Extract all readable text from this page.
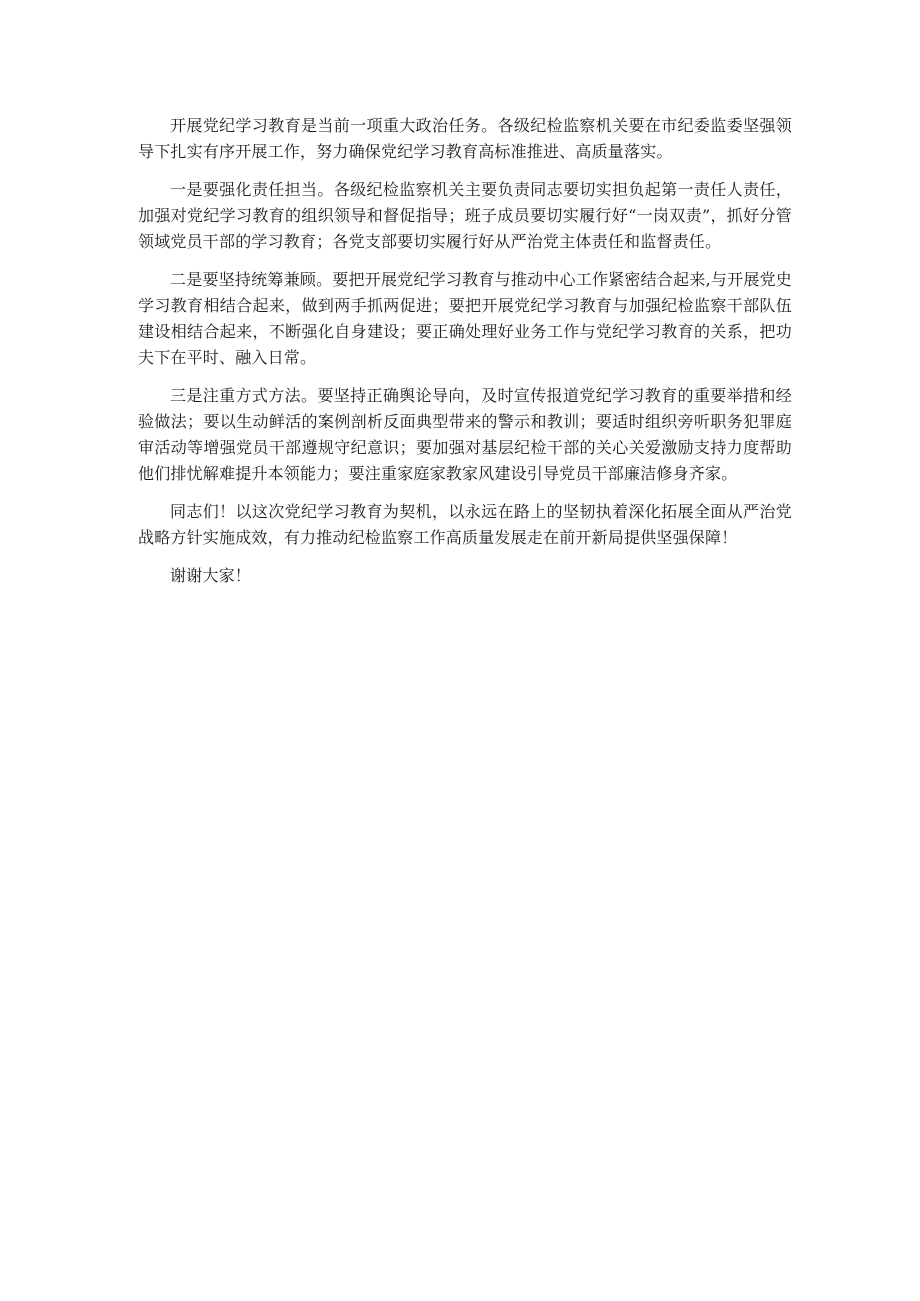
开展党纪学习教育是当前一项重大政治任务。各级纪检监察机关要在市纪委监委坚强领导下扎实有序开展工作，努力确保党纪学习教育高标准推进、高质量落实。

一是要强化责任担当。各级纪检监察机关主要负责同志要切实担负起第一责任人责任，加强对党纪学习教育的组织领导和督促指导；班子成员要切实履行好“一岗双责”，抓好分管领域党员干部的学习教育；各党支部要切实履行好从严治党主体责任和监督责任。

二是要坚持统筹兼顾。要把开展党纪学习教育与推动中心工作紧密结合起来,与开展党史学习教育相结合起来，做到两手抓两促进；要把开展党纪学习教育与加强纪检监察干部队伍建设相结合起来，不断强化自身建设；要正确处理好业务工作与党纪学习教育的关系，把功夫下在平时、融入日常。

三是注重方式方法。要坚持正确舆论导向，及时宣传报道党纪学习教育的重要举措和经验做法；要以生动鲜活的案例剖析反面典型带来的警示和教训；要适时组织旁听职务犯罪庭审活动等增强党员干部遵规守纪意识；要加强对基层纪检干部的关心关爱激励支持力度帮助他们排忧解难提升本领能力；要注重家庭家教家风建设引导党员干部廉洁修身齐家。

同志们！以这次党纪学习教育为契机，以永远在路上的坚韧执着深化拓展全面从严治党战略方针实施成效，有力推动纪检监察工作高质量发展走在前开新局提供坚强保障！

谢谢大家！
